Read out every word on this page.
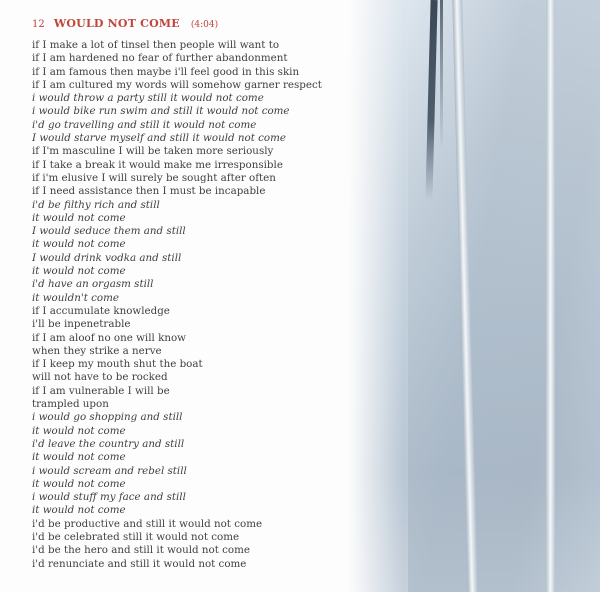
12 WOULD NOT COME (4:04)
if I make a lot of tinsel then people will want to
if I am hardened no fear of further abandonment
if I am famous then maybe i'll feel good in this skin
if I am cultured my words will somehow garner respect
i would throw a party still it would not come
i would bike run swim and still it would not come
i'd go travelling and still it would not come
I would starve myself and still it would not come
if I'm masculine I will be taken more seriously
if I take a break it would make me irresponsible
if i'm elusive I will surely be sought after often
if I need assistance then I must be incapable
i'd be filthy rich and still
it would not come
I would seduce them and still
it would not come
I would drink vodka and still
it would not come
i'd have an orgasm still
it wouldn't come
if I accumulate knowledge
i'll be inpenetrable
if I am aloof no one will know
when they strike a nerve
if I keep my mouth shut the boat
will not have to be rocked
if I am vulnerable I will be
trampled upon
i would go shopping and still
it would not come
i'd leave the country and still
it would not come
i would scream and rebel still
it would not come
i would stuff my face and still
it would not come
i'd be productive and still it would not come
i'd be celebrated still it would not come
i'd be the hero and still it would not come
i'd renunciate and still it would not come
